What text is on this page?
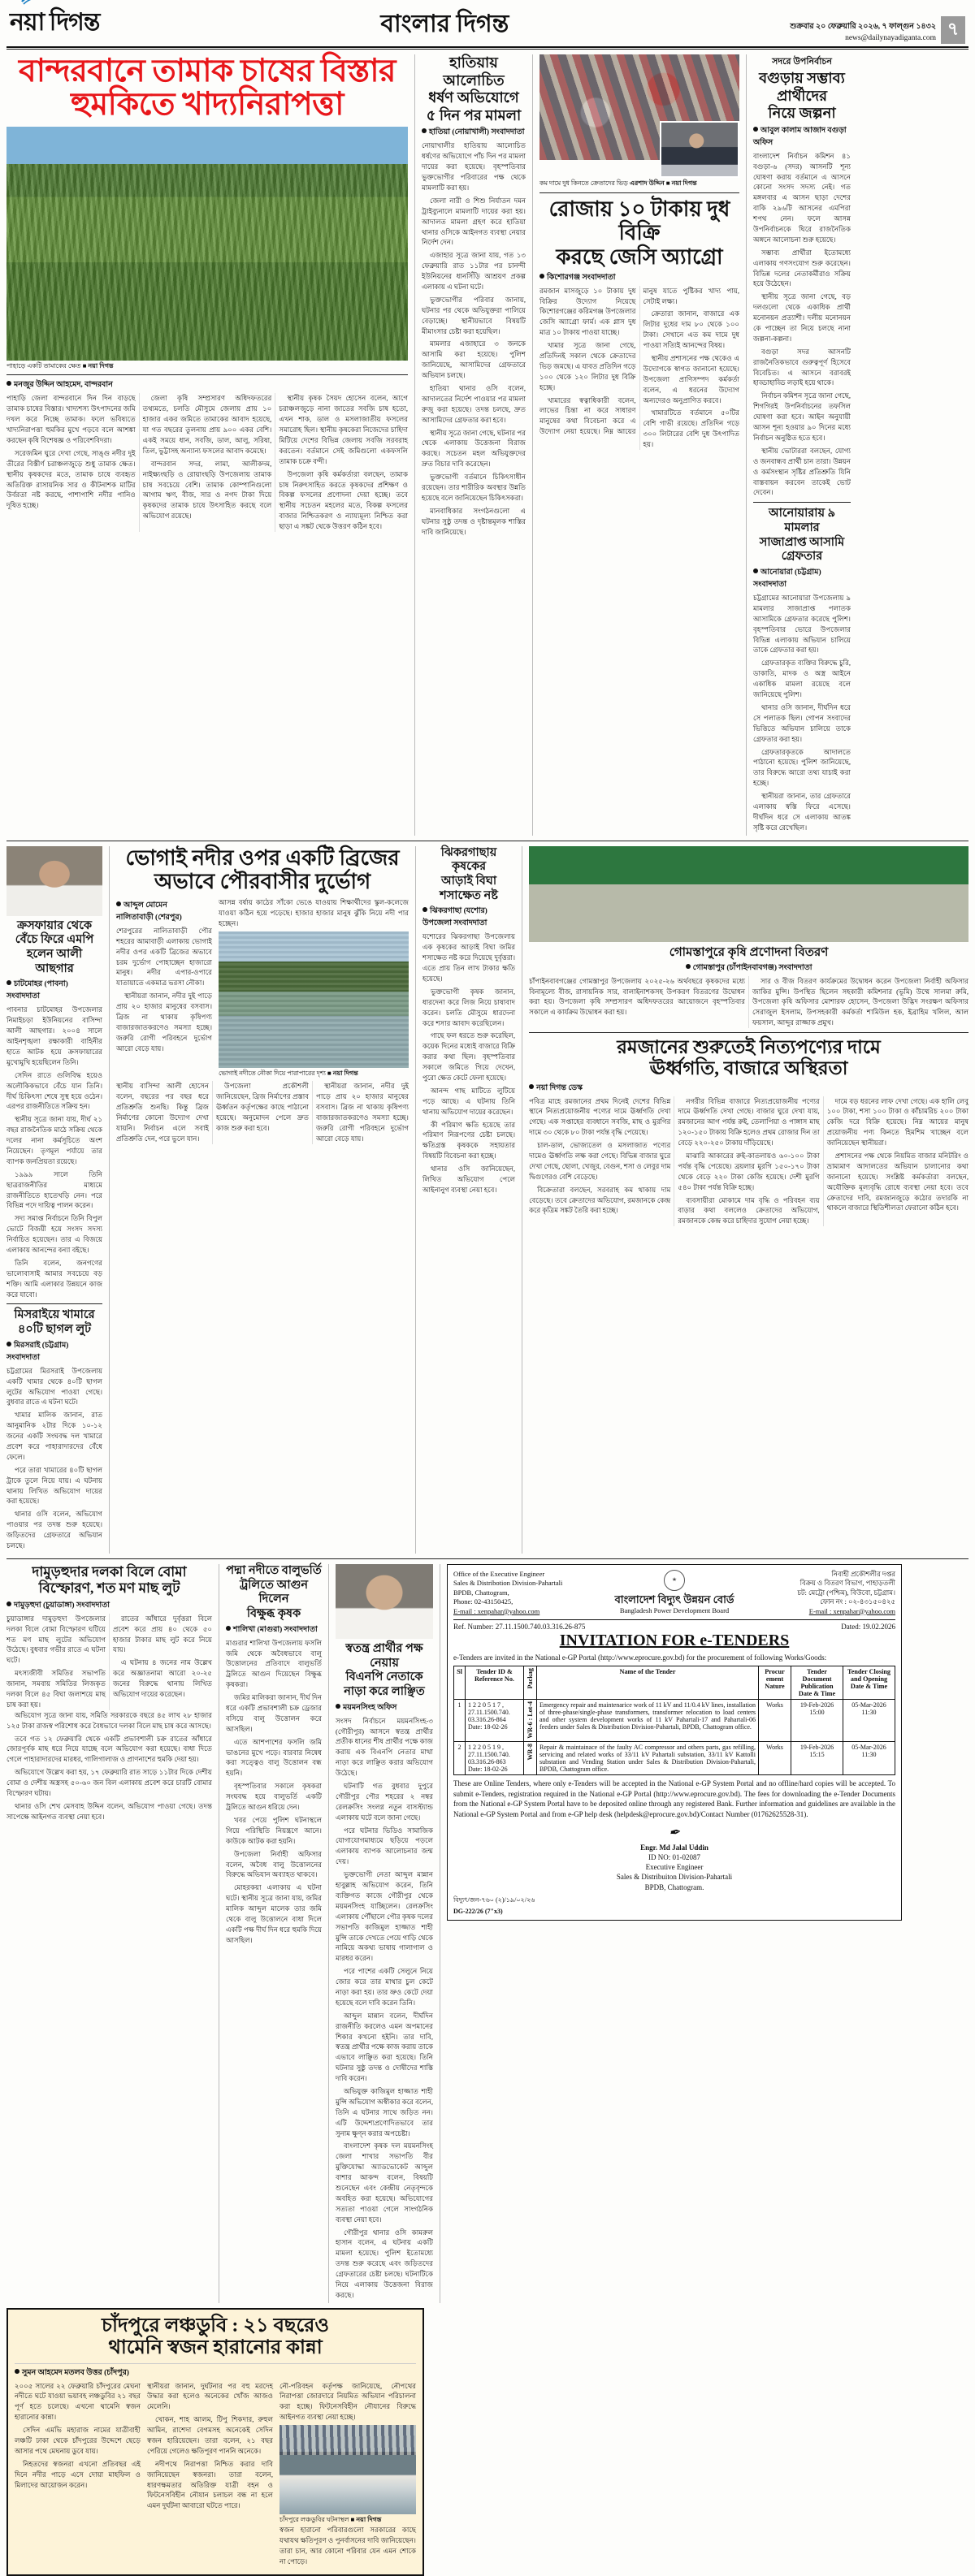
নয়া দিগন্ত	বাংলার দিগন্ত	শুক্রবার ২০ ফেব্রুয়ারি ২০২৬, ৭ ফাল্গুন ১৪৩২
news@dailynayadiganta.com ৭
বান্দরবানে তামাক চাষের বিস্তার
হুমকিতে খাদ্যনিরাপত্তা
পাহাড়ে একটি তামাকের ক্ষেত ■ নয়া দিগন্ত
মনজুর উদ্দিন আহমেদ, বান্দরবান

পাহাড়ি জেলা বান্দরবানে দিন দিন বাড়ছে তামাক চাষের বিস্তার। খাদ্যশস্য উৎপাদনের জমি দখল করে নিচ্ছে তামাক। ফলে ভবিষ্যতে খাদ্যনিরাপত্তা হুমকির মুখে পড়বে বলে আশঙ্কা করছেন কৃষি বিশেষজ্ঞ ও পরিবেশবিদরা।

সরেজমিন ঘুরে দেখা গেছে, সাঙ্গু নদীর দুই তীরের বিস্তীর্ণ চরাঞ্চলজুড়ে শুধু তামাক ক্ষেত। স্থানীয় কৃষকদের মতে, তামাক চাষে ব্যবহৃত অতিরিক্ত রাসায়নিক সার ও কীটনাশক মাটির উর্বরতা নষ্ট করছে, পাশাপাশি নদীর পানিও দূষিত হচ্ছে।

জেলা কৃষি সম্প্রসারণ অধিদফতরের তথ্যমতে, চলতি মৌসুমে জেলায় প্রায় ১০ হাজার একর জমিতে তামাকের আবাদ হয়েছে, যা গত বছরের তুলনায় প্রায় ৯০০ একর বেশি। একই সময়ে ধান, সবজি, ডাল, আলু, সরিষা, তিল, ভুট্টাসহ অন্যান্য ফসলের আবাদ কমেছে।

বান্দরবান সদর, লামা, আলীকদম, নাইক্ষ্যংছড়ি ও রোয়াংছড়ি উপজেলায় তামাক চাষ সবচেয়ে বেশি। তামাক কোম্পানিগুলো আগাম ঋণ, বীজ, সার ও নগদ টাকা দিয়ে কৃষকদের তামাক চাষে উৎসাহিত করছে বলে অভিযোগ রয়েছে।

স্থানীয় কৃষক সৈয়দ হোসেন বলেন, আগে চরাঞ্চলজুড়ে নানা জাতের সবজি চাষ হতো, এখন শাক, ডাল ও মসলাজাতীয় ফসলের সমারোহ ছিল। স্থানীয় কৃষকেরা নিজেদের চাহিদা মিটিয়ে দেশের বিভিন্ন জেলায় সবজি সরবরাহ করতেন। বর্তমানে সেই জমিগুলো একফসলি তামাক চক্রে বন্দী।

উপজেলা কৃষি কর্মকর্তারা বলছেন, তামাক চাষ নিরুৎসাহিত করতে কৃষকদের প্রশিক্ষণ ও বিকল্প ফসলের প্রণোদনা দেয়া হচ্ছে। তবে স্থানীয় সচেতন মহলের মতে, বিকল্প ফসলের বাজার নিশ্চিতকরণ ও ন্যায্যমূল্য নিশ্চিত করা ছাড়া এ সঙ্কট থেকে উত্তরণ কঠিন হবে।

হাতিয়ায় আলোচিত
ধর্ষণ অভিযোগে
৫ দিন পর মামলা
হাতিয়া (নোয়াখালী) সংবাদদাতা

নোয়াখালীর হাতিয়ায় আলোচিত ধর্ষণের অভিযোগে পাঁচ দিন পর মামলা দায়ের করা হয়েছে। বৃহস্পতিবার ভুক্তভোগীর পরিবারের পক্ষ থেকে মামলাটি করা হয়।

জেলা নারী ও শিশু নির্যাতন দমন ট্রাইব্যুনালে মামলাটি দায়ের করা হয়। আদালত মামলা গ্রহণ করে হাতিয়া থানার ওসিকে আইনগত ব্যবস্থা নেয়ার নির্দেশ দেন।

এজাহার সূত্রে জানা যায়, গত ১৩ ফেব্রুয়ারি রাত ১১টার পর চানন্দী ইউনিয়নের ধানসিঁড়ি আশ্রয়ণ প্রকল্প এলাকায় এ ঘটনা ঘটে।

ভুক্তভোগীর পরিবার জানায়, ঘটনার পর থেকে অভিযুক্তরা পালিয়ে বেড়াচ্ছে। স্থানীয়ভাবে বিষয়টি মীমাংসার চেষ্টা করা হয়েছিল।

মামলার এজাহারে ৩ জনকে আসামি করা হয়েছে। পুলিশ জানিয়েছে, আসামিদের গ্রেফতারে অভিযান চলছে।

হাতিয়া থানার ওসি বলেন, আদালতের নির্দেশ পাওয়ার পর মামলা রুজু করা হয়েছে। তদন্ত চলছে, দ্রুত আসামিদের গ্রেফতার করা হবে।

স্থানীয় সূত্রে জানা গেছে, ঘটনার পর থেকে এলাকায় উত্তেজনা বিরাজ করছে। সচেতন মহল অভিযুক্তদের দ্রুত বিচার দাবি করেছেন।

ভুক্তভোগী বর্তমানে চিকিৎসাধীন রয়েছেন। তার শারীরিক অবস্থার উন্নতি হয়েছে বলে জানিয়েছেন চিকিৎসকরা।

মানবাধিকার সংগঠনগুলো এ ঘটনার সুষ্ঠু তদন্ত ও দৃষ্টান্তমূলক শাস্তির দাবি জানিয়েছে।

কম দামে দুধ কিনতে ক্রেতাদের ভিড় এরশাদ উদ্দিন ■ নয়া দিগন্ত
রোজায় ১০ টাকায় দুধ বিক্রি
করছে জেসি অ্যাগ্রো
কিশোরগঞ্জ সংবাদদাতা

রমজান মাসজুড়ে ১০ টাকায় দুধ বিক্রির উদ্যোগ নিয়েছে কিশোরগঞ্জের করিমগঞ্জ উপজেলার জেসি অ্যাগ্রো ফার্ম। এক গ্লাস দুধ মাত্র ১০ টাকায় পাওয়া যাচ্ছে।

খামার সূত্রে জানা গেছে, প্রতিদিনই সকাল থেকে ক্রেতাদের ভিড় জমছে। এ যাবত প্রতিদিন গড়ে ১০০ থেকে ১২০ লিটার দুধ বিক্রি হচ্ছে।

খামারের স্বত্বাধিকারী বলেন, লাভের চিন্তা না করে সাধারণ মানুষের কথা বিবেচনা করে এ উদ্যোগ নেয়া হয়েছে। নিম্ন আয়ের মানুষ যাতে পুষ্টিকর খাদ্য পায়, সেটাই লক্ষ্য।

ক্রেতারা জানান, বাজারে এক লিটার দুধের দাম ৮০ থেকে ১০০ টাকা। সেখানে এত কম দামে দুধ পাওয়া সত্যিই আনন্দের বিষয়।

স্থানীয় প্রশাসনের পক্ষ থেকেও এ উদ্যোগকে স্বাগত জানানো হয়েছে। উপজেলা প্রাণিসম্পদ কর্মকর্তা বলেন, এ ধরনের উদ্যোগ অন্যদেরও অনুপ্রাণিত করবে।

খামারটিতে বর্তমানে ৫০টির বেশি গাভী রয়েছে। প্রতিদিন গড়ে ৩০০ লিটারের বেশি দুধ উৎপাদিত হয়।

সদরে উপনির্বাচন
বগুড়ায় সম্ভাব্য
প্রার্থীদের
নিয়ে জল্পনা
আবুল কালাম আজাদ বগুড়া অফিস

বাংলাদেশ নির্বাচন কমিশন ৪১ বগুড়া-৬ (সদর) আসনটি শূন্য ঘোষণা করায় বর্তমানে এ আসনে কোনো সংসদ সদস্য নেই। গত মঙ্গলবার এ আসন ছাড়া দেশের বাকি ২৯৬টি আসনের এমপিরা শপথ নেন। ফলে আসন্ন উপনির্বাচনকে ঘিরে রাজনৈতিক অঙ্গনে আলোচনা শুরু হয়েছে।

সম্ভাব্য প্রার্থীরা ইতোমধ্যে এলাকায় গণসংযোগ শুরু করেছেন। বিভিন্ন দলের নেতাকর্মীরাও সক্রিয় হয়ে উঠেছেন।

স্থানীয় সূত্রে জানা গেছে, বড় দলগুলো থেকে একাধিক প্রার্থী মনোনয়ন প্রত্যাশী। দলীয় মনোনয়ন কে পাচ্ছেন তা নিয়ে চলছে নানা জল্পনা-কল্পনা।

বগুড়া সদর আসনটি রাজনৈতিকভাবে গুরুত্বপূর্ণ হিসেবে বিবেচিত। এ আসনে বরাবরই হাড্ডাহাড্ডি লড়াই হয়ে থাকে।

নির্বাচন কমিশন সূত্রে জানা গেছে, শিগগিরই উপনির্বাচনের তফসিল ঘোষণা করা হবে। আইন অনুযায়ী আসন শূন্য হওয়ার ৯০ দিনের মধ্যে নির্বাচন অনুষ্ঠিত হতে হবে।

স্থানীয় ভোটাররা বলছেন, যোগ্য ও জনবান্ধব প্রার্থী চান তারা। উন্নয়ন ও কর্মসংস্থান সৃষ্টির প্রতিশ্রুতি যিনি বাস্তবায়ন করবেন তাকেই ভোট দেবেন।

আনোয়ারায় ৯ মামলার
সাজাপ্রাপ্ত আসামি গ্রেফতার
আনোয়ারা (চট্টগ্রাম) সংবাদদাতা

চট্টগ্রামের আনোয়ারা উপজেলায় ৯ মামলার সাজাপ্রাপ্ত পলাতক আসামিকে গ্রেফতার করেছে পুলিশ। বৃহস্পতিবার ভোরে উপজেলার বিভিন্ন এলাকায় অভিযান চালিয়ে তাকে গ্রেফতার করা হয়।

গ্রেফতারকৃত ব্যক্তির বিরুদ্ধে চুরি, ডাকাতি, মাদক ও অস্ত্র আইনে একাধিক মামলা রয়েছে বলে জানিয়েছে পুলিশ।

থানার ওসি জানান, দীর্ঘদিন ধরে সে পলাতক ছিল। গোপন সংবাদের ভিত্তিতে অভিযান চালিয়ে তাকে গ্রেফতার করা হয়।

গ্রেফতারকৃতকে আদালতে পাঠানো হয়েছে। পুলিশ জানিয়েছে, তার বিরুদ্ধে আরো তথ্য যাচাই করা হচ্ছে।

স্থানীয়রা জানান, তার গ্রেফতারে এলাকায় স্বস্তি ফিরে এসেছে। দীর্ঘদিন ধরে সে এলাকায় আতঙ্ক সৃষ্টি করে রেখেছিল।

ক্রসফায়ার থেকে
বেঁচে ফিরে এমপি
হলেন আলী আছগার
চাটমোহর (পাবনা) সংবাদদাতা

পাবনার চাটমোহর উপজেলার নিমাইচড়া ইউনিয়নের বাসিন্দা আলী আছগার। ২০০৪ সালে আইনশৃঙ্খলা রক্ষাকারী বাহিনীর হাতে আটক হয়ে ক্রসফায়ারের মুখোমুখি হয়েছিলেন তিনি।

সেদিন রাতে গুলিবিদ্ধ হয়েও অলৌকিকভাবে বেঁচে যান তিনি। দীর্ঘ চিকিৎসা শেষে সুস্থ হয়ে ওঠেন। এরপর রাজনীতিতে সক্রিয় হন।

স্থানীয় সূত্রে জানা যায়, দীর্ঘ ২১ বছর রাজনৈতিক মাঠে সক্রিয় থেকে দলের নানা কর্মসূচিতে অংশ নিয়েছেন। তৃণমূল পর্যায়ে তার ব্যাপক জনপ্রিয়তা রয়েছে।

১৯৯৯ সালে তিনি ছাত্ররাজনীতির মাধ্যমে রাজনীতিতে হাতেখড়ি নেন। পরে বিভিন্ন পদে দায়িত্ব পালন করেন।

সদ্য সমাপ্ত নির্বাচনে তিনি বিপুল ভোটে বিজয়ী হয়ে সংসদ সদস্য নির্বাচিত হয়েছেন। তার এ বিজয়ে এলাকায় আনন্দের বন্যা বইছে।

তিনি বলেন, জনগণের ভালোবাসাই আমার সবচেয়ে বড় শক্তি। আমি এলাকার উন্নয়নে কাজ করে যাবো।

মিসরাইয়ে খামারে
৪০টি ছাগল লুট
মিরসরাই (চট্টগ্রাম) সংবাদদাতা

চট্টগ্রামের মিরসরাই উপজেলায় একটি খামার থেকে ৪০টি ছাগল লুটের অভিযোগ পাওয়া গেছে। বুধবার রাতে এ ঘটনা ঘটে।

খামার মালিক জানান, রাত আনুমানিক ২টার দিকে ১০-১২ জনের একটি সংঘবদ্ধ দল খামারে প্রবেশ করে পাহারাদারদের বেঁধে ফেলে।

পরে তারা খামারের ৪০টি ছাগল ট্রাকে তুলে নিয়ে যায়। এ ঘটনায় থানায় লিখিত অভিযোগ দায়ের করা হয়েছে।

থানার ওসি বলেন, অভিযোগ পাওয়ার পর তদন্ত শুরু হয়েছে। জড়িতদের গ্রেফতারে অভিযান চলছে।

ভোগাই নদীর ওপর একটি ব্রিজের
অভাবে পৌরবাসীর দুর্ভোগ
আব্দুল মোমেন
নালিতাবাড়ী (শেরপুর)

শেরপুরের নালিতাবাড়ী পৌর শহরের আমাবাড়ী এলাকায় ভোগাই নদীর ওপর একটি ব্রিজের অভাবে চরম দুর্ভোগ পোহাচ্ছেন হাজারো মানুষ। নদীর এপার-ওপারে যাতায়াতে একমাত্র ভরসা নৌকা।

স্থানীয়রা জানান, নদীর দুই পাড়ে প্রায় ২০ হাজার মানুষের বসবাস। ব্রিজ না থাকায় কৃষিপণ্য বাজারজাতকরণেও সমস্যা হচ্ছে। জরুরি রোগী পরিবহনে দুর্ভোগ আরো বেড়ে যায়।

আসন্ন বর্ষায় কাঠের সাঁকো ভেঙে যাওয়ায় শিক্ষার্থীদের স্কুল-কলেজে যাওয়া কঠিন হয়ে পড়েছে। হাজার হাজার মানুষ ঝুঁকি নিয়ে নদী পার হচ্ছেন।

ভোগাই নদীতে নৌকা দিয়ে পারাপারের দৃশ্য ■ নয়া দিগন্ত

স্থানীয় বাসিন্দা আলী হোসেন বলেন, বছরের পর বছর ধরে প্রতিশ্রুতি শুনছি। কিন্তু ব্রিজ নির্মাণের কোনো উদ্যোগ দেখা যায়নি। নির্বাচন এলে সবাই প্রতিশ্রুতি দেন, পরে ভুলে যান।

উপজেলা প্রকৌশলী জানিয়েছেন, ব্রিজ নির্মাণের প্রস্তাব ঊর্ধ্বতন কর্তৃপক্ষের কাছে পাঠানো হয়েছে। অনুমোদন পেলে দ্রুত কাজ শুরু করা হবে।

স্থানীয়রা জানান, নদীর দুই পাড়ে প্রায় ২০ হাজার মানুষের বসবাস। ব্রিজ না থাকায় কৃষিপণ্য বাজারজাতকরণেও সমস্যা হচ্ছে। জরুরি রোগী পরিবহনে দুর্ভোগ আরো বেড়ে যায়।

ঝিকরগাছায় কৃষকের
আড়াই বিঘা
শসাক্ষেত নষ্ট
ঝিকরগাছা (যশোর) উপজেলা সংবাদদাতা

যশোরের ঝিকরগাছা উপজেলায় এক কৃষকের আড়াই বিঘা জমির শসাক্ষেত নষ্ট করে দিয়েছে দুর্বৃত্তরা। এতে প্রায় তিন লাখ টাকার ক্ষতি হয়েছে।

ভুক্তভোগী কৃষক জানান, ধারদেনা করে লিজ নিয়ে চাষাবাদ করেন। চলতি মৌসুমে ধারদেনা করে শসার আবাদ করেছিলেন।

গাছে ফল ধরতে শুরু করেছিল, কয়েক দিনের মধ্যেই বাজারে বিক্রি করার কথা ছিল। বৃহস্পতিবার সকালে জমিতে গিয়ে দেখেন, পুরো ক্ষেত কেটে ফেলা হয়েছে।

আনন্দ গাছ মাটিতে লুটিয়ে পড়ে আছে। এ ঘটনায় তিনি থানায় অভিযোগ দায়ের করেছেন।

কী পরিমাণ ক্ষতি হয়েছে তার পরিমাণ নিরূপণের চেষ্টা চলছে। ক্ষতিগ্রস্ত কৃষককে সহায়তার বিষয়টি বিবেচনা করা হচ্ছে।

থানার ওসি জানিয়েছেন, লিখিত অভিযোগ পেলে আইনানুগ ব্যবস্থা নেয়া হবে।

গোমস্তাপুরে কৃষি প্রণোদনা বিতরণ
গোমস্তাপুর (চাঁপাইনবাবগঞ্জ) সংবাদদাতা

চাঁপাইনবাবগঞ্জের গোমস্তাপুর উপজেলায় ২০২৫-২৬ অর্থবছরে কৃষকদের মধ্যে বিনামূল্যে বীজ, রাসায়নিক সার, বালাইনাশকসহ উপকরণ বিতরণের উদ্বোধন করা হয়। উপজেলা কৃষি সম্প্রসারণ অধিদফতরের আয়োজনে বৃহস্পতিবার সকালে এ কার্যক্রম উদ্বোধন করা হয়।

সার ও বীজ বিতরণ কার্যক্রমের উদ্বোধন করেন উপজেলা নির্বাহী অফিসার জাকির মুন্সি। উপস্থিত ছিলেন সহকারী কমিশনার (ভূমি) উম্মে সালমা রুমি, উপজেলা কৃষি অফিসার মোশারফ হোসেন, উপজেলা উদ্ভিদ সংরক্ষণ অফিসার সেরাজুল ইসলাম, উপসহকারী কর্মকর্তা শামিউল হক, ইব্রাহিম খলিল, আল ফয়সাল, আব্দুর রাজ্জাক প্রমুখ।

রমজানের শুরুতেই নিত্যপণ্যের দামে
ঊর্ধ্বগতি, বাজারে অস্থিরতা
নয়া দিগন্ত ডেস্ক

পবিত্র মাহে রমজানের প্রথম দিনেই দেশের বিভিন্ন স্থানে নিত্যপ্রয়োজনীয় পণ্যের দামে ঊর্ধ্বগতি দেখা গেছে। এক সপ্তাহের ব্যবধানে সবজি, মাছ ও মুরগির দামে ৩০ থেকে ৮০ টাকা পর্যন্ত বৃদ্ধি পেয়েছে।

চাল-ডাল, ভোজ্যতেল ও মসলাজাত পণ্যের দামেও ঊর্ধ্বগতি লক্ষ করা গেছে। বিভিন্ন বাজার ঘুরে দেখা গেছে, ছোলা, খেজুর, বেগুন, শসা ও লেবুর দাম দ্বিগুণেরও বেশি বেড়েছে।

বিক্রেতারা বলছেন, সরবরাহ কম থাকায় দাম বেড়েছে। তবে ক্রেতাদের অভিযোগ, রমজানকে কেন্দ্র করে কৃত্রিম সঙ্কট তৈরি করা হচ্ছে।

নগরীর বিভিন্ন বাজারে নিত্যপ্রয়োজনীয় পণ্যের দামে ঊর্ধ্বগতি দেখা গেছে। বাজার ঘুরে দেখা যায়, রমজানের আগ পর্যন্ত রুই, তেলাপিয়া ও পাঙ্গাস মাছ ১২০-১৫০ টাকায় বিক্রি হলেও প্রথম রোজার দিন তা বেড়ে ২২০-২৫০ টাকায় দাঁড়িয়েছে।

মাঝারি আকারের রুই-কাতলায়ও ৬০-১০০ টাকা পর্যন্ত বৃদ্ধি পেয়েছে। ব্রয়লার মুরগি ১৫০-১৭০ টাকা থেকে বেড়ে ২২০ টাকা কেজি হয়েছে। দেশী মুরগি ৫৪০ টাকা পর্যন্ত বিক্রি হচ্ছে।

ব্যবসায়ীরা মোকামে দাম বৃদ্ধি ও পরিবহন ব্যয় বাড়ার কথা বললেও ক্রেতাদের অভিযোগ, রমজানকে কেন্দ্র করে চাহিদার সুযোগ নেয়া হচ্ছে।

দামে বড় ধরনের লাফ দেখা গেছে। এক হালি লেবু ১০০ টাকা, শসা ১০০ টাকা ও কাঁচামরিচ ২০০ টাকা কেজি দরে বিক্রি হয়েছে। নিম্ন আয়ের মানুষ প্রয়োজনীয় পণ্য কিনতে হিমশিম খাচ্ছেন বলে জানিয়েছেন স্থানীয়রা।

প্রশাসনের পক্ষ থেকে নিয়মিত বাজার মনিটরিং ও ভ্রাম্যমাণ আদালতের অভিযান চালানোর কথা জানানো হয়েছে। সংশ্লিষ্ট কর্মকর্তারা বলছেন, অযৌক্তিক মূল্যবৃদ্ধি রোধে ব্যবস্থা নেয়া হবে। তবে ক্রেতাদের দাবি, রমজানজুড়ে কঠোর তদারকি না থাকলে বাজারে স্থিতিশীলতা ফেরানো কঠিন হবে।

দামুড়হুদার দলকা বিলে বোমা
বিস্ফোরণ, শত মণ মাছ লুট
দামুড়হুদা (চুয়াডাঙ্গা) সংবাদদাতা

চুয়াডাঙ্গার দামুড়হুদা উপজেলার দলকা বিলে বোমা বিস্ফোরণ ঘটিয়ে শত মণ মাছ লুটের অভিযোগ উঠেছে। বুধবার গভীর রাতে এ ঘটনা ঘটে।

মৎস্যজীবী সমিতির সভাপতি জানান, সমবায় সমিতির লিজকৃত দলকা বিলে ৪৫ বিঘা জলাশয়ে মাছ চাষ করা হয়।

রাতের আঁধারে দুর্বৃত্তরা বিলে প্রবেশ করে প্রায় ৪০ থেকে ৫০ হাজার টাকার মাছ লুট করে নিয়ে যায়।

এ ঘটনায় ৪ জনের নাম উল্লেখ করে অজ্ঞাতনামা আরো ২০-২৫ জনের বিরুদ্ধে থানায় লিখিত অভিযোগ দায়ের করেছেন।

অভিযোগ সূত্রে জানা যায়, সমিতি সরকারকে বছরে ৪৫ লাখ ২৮ হাজার ১২৫ টাকা রাজস্ব পরিশোধ করে বৈধভাবে দলকা বিলে মাছ চাষ করে আসছে।

তবে গত ১২ ফেব্রুয়ারি থেকে একটি প্রভাবশালী চক্র রাতের আঁধারে জোরপূর্বক মাছ ধরে নিয়ে যাচ্ছে বলে অভিযোগ করা হয়েছে। বাধা দিতে গেলে পাহারাদারদের মারধর, গালিগালাজ ও প্রাণনাশের হুমকি দেয়া হয়।

অভিযোগে উল্লেখ করা হয়, ১৭ ফেব্রুয়ারি রাত সাড়ে ১১টার দিকে দেশীয় বোমা ও দেশীয় অস্ত্রসহ ৫০-৬০ জন বিল এলাকায় প্রবেশ করে চারটি বোমার বিস্ফোরণ ঘটায়।

থানার ওসি শেখ মেসবাহ উদ্দিন বলেন, অভিযোগ পাওয়া গেছে। তদন্ত সাপেক্ষে আইনগত ব্যবস্থা নেয়া হবে।

পদ্মা নদীতে বালুভর্তি
ট্রলিতে আগুন দিলেন
বিক্ষুব্ধ কৃষক
শালিখা (মাগুরা) সংবাদদাতা

মাগুরার শালিখা উপজেলায় ফসলি জমি থেকে অবৈধভাবে বালু উত্তোলনের প্রতিবাদে বালুভর্তি ট্রলিতে আগুন দিয়েছেন বিক্ষুব্ধ কৃষকরা।

জমির মালিকরা জানান, দীর্ঘ দিন ধরে একটি প্রভাবশালী চক্র ড্রেজার বসিয়ে বালু উত্তোলন করে আসছিল।

এতে আশপাশের ফসলি জমি ভাঙনের মুখে পড়ে। বারবার নিষেধ করা সত্ত্বেও বালু উত্তোলন বন্ধ হয়নি।

বৃহস্পতিবার সকালে কৃষকরা সংঘবদ্ধ হয়ে বালুভর্তি একটি ট্রলিতে আগুন ধরিয়ে দেন।

খবর পেয়ে পুলিশ ঘটনাস্থলে গিয়ে পরিস্থিতি নিয়ন্ত্রণে আনে। কাউকে আটক করা হয়নি।

উপজেলা নির্বাহী অফিসার বলেন, অবৈধ বালু উত্তোলনের বিরুদ্ধে অভিযান অব্যাহত থাকবে।

মোহরকয়া এলাকায় এ ঘটনা ঘটে। স্থানীয় সূত্রে জানা যায়, জমির মালিক আব্দুল মালেক তার জমি থেকে বালু উত্তোলনে বাধা দিলে একটি পক্ষ দীর্ঘ দিন ধরে হুমকি দিয়ে আসছিল।

স্বতন্ত্র প্রার্থীর পক্ষ নেয়ায়
বিএনপি নেতাকে
নাড়া করে লাঞ্ছিত
ময়মনসিংহ অফিস

সংসদ নির্বাচনে ময়মনসিংহ-৩ (গৌরীপুর) আসনে স্বতন্ত্র প্রার্থীর প্রতীক ধানের শীষ প্রার্থীর পক্ষে কাজ করায় এক বিএনপি নেতার মাথা নাড়া করে লাঞ্ছিত করার অভিযোগ উঠেছে।

ঘটনাটি গত বুধবার দুপুরে গৌরীপুর পৌর শহরের ২ নম্বর রেলক্রসিং সংলগ্ন নতুন বাসস্ট্যান্ড এলাকায় ঘটে বলে জানা গেছে।

পরে ঘটনার ভিডিও সামাজিক যোগাযোগমাধ্যমে ছড়িয়ে পড়লে এলাকায় ব্যাপক আলোচনার জন্ম দেয়।

ভুক্তভোগী নেতা আব্দুল মান্নান হাবুল্লাহ অভিযোগ করেন, তিনি ব্যক্তিগত কাজে গৌরীপুর থেকে ময়মনসিংহ যাচ্ছিলেন। রেলক্রসিং এলাকায় পৌঁছালে পৌর কৃষক দলের সভাপতি কাজিমুল হাজ্জাত শাহী মুন্সি তাকে দেখতে পেয়ে গাড়ি থেকে নামিয়ে অকথ্য ভাষায় গালাগাল ও মারধর করেন।

পরে পাশের একটি সেলুনে নিয়ে জোর করে তার মাথার চুল কেটে নাড়া করা হয়। তার ভ্রুও কেটে দেয়া হয়েছে বলে দাবি করেন তিনি।

আব্দুল মান্নান বলেন, দীর্ঘদিন রাজনীতি করলেও এমন অপমানের শিকার কখনো হইনি। তার দাবি, স্বতন্ত্র প্রার্থীর পক্ষে কাজ করায় তাকে এভাবে লাঞ্ছিত করা হয়েছে। তিনি ঘটনার সুষ্ঠু তদন্ত ও দোষীদের শাস্তি দাবি করেন।

অভিযুক্ত কাজিমুল হাজ্জাত শাহী মুন্সি অভিযোগ অস্বীকার করে বলেন, তিনি এ ঘটনার সাথে জড়িত নন। এটি উদ্দেশ্যপ্রণোদিতভাবে তার সুনাম ক্ষুণ্ন করার অপচেষ্টা।

বাংলাদেশ কৃষক দল ময়মনসিংহ জেলা শাখার সভাপতি বীর মুক্তিযোদ্ধা অ্যাডভোকেট আব্দুল বাশার আকন্দ বলেন, বিষয়টি শুনেছেন এবং কেন্দ্রীয় নেতৃবৃন্দকে অবহিত করা হয়েছে। অভিযোগের সত্যতা পাওয়া গেলে সাংগঠনিক ব্যবস্থা নেয়া হবে।

গৌরীপুর থানার ওসি কামরুল হাসান বলেন, এ ঘটনায় একটি মামলা হয়েছে। পুলিশ ইতোমধ্যে তদন্ত শুরু করেছে এবং জড়িতদের গ্রেফতারের চেষ্টা চলছে। ঘটনাটিকে নিয়ে এলাকায় উত্তেজনা বিরাজ করছে।

Office of the Executive Engineer
Sales & Distribotion Division-Pahartali
BPDB, Chattogram,
Phone: 02-43150425,
E-mail : xenpahar@yahoo.com
★
বাংলাদেশ বিদ্যুৎ উন্নয়ন বোর্ড
Bangladesh Power Development Board
নিবাহী প্রকৌশলীর দপ্তর
বিক্রয় ও বিতরণ বিভাগ, পাহাড়তলী
চট: মেট্রো (পশ্চিম), বিউবো, চট্টগ্রাম।
ফোন নং : ০২-৪৩১৫০৪২৫
E-mail : xenpahar@yahoo.com
Ref. Number: 27.11.1500.740.03.316.26-875	Dated: 19.02.2026
INVITATION FOR e-TENDERS
e-Tenders are invited in the National e-GP Portal (http://www.eprocure.gov.bd) for the procurement of following Works/Goods:
Sl	Tender ID & Reference No.	Packag	Name of the Tender	Procur ement Nature	Tender Document Publication Date & Time	Tender Closing and Opening Date & Time
1	1 2 2 0 5 1 7 , 27.11.1500.740. 03.316.26-864 Date: 18-02-26	WR-6 : Lot-4	Emergency repair and maintenarice work of 11 kV and 11/0.4 kV lines, installation of three-phase/single-phase transformers, transformer relocation to load centers and other system development works of 11 kV Pahartali-17 and Pahartali-06 feeders under Sales & Distribution Division-Pahartali, BPDB, Chattogram office.	Works	19-Feb-2026 15:00	05-Mar-2026 11:30
2	1 2 2 0 5 1 9 , 27.11.1500.740. 03.316.26-863 Date: 18-02-26	WR-8	Repair & maintainace of the faulty AC compressor and others parts, gas refilling, servicing and related works of 33/11 kV Pahartali substation, 33/11 kV Kattolli substation and Vending Station under Sales & Distribution Division-Pahartali, BPDB, Chattogram office.	Works	19-Feb-2026 15:15	05-Mar-2026 11:30
These are Online Tenders, where only e-Tenders will be accepted in the National e-GP System Portal and no offline/hard copies will be accepted. To submit e-Tenders, registration required in the National e-GP Portal (http://www.eprocure.gov.bd). The fees for downloading the e-Tender Documents from the National e-GP System Portal have to be deposited online through any registered Bank. Further information and guidelines are available in the National e-GP System Portal and from e-GP help desk (helpdesk@eprocure.gov.bd)/Contact Number (01762625528-31).
✒︎
Engr. Md Jalal Uddin
ID NO: 01-02087
Executive Engineer
Sales & Distribuiton Division-Pahartali
BPDB, Chattogram.
বিদ্যুৎ/জন-৭৬০ (২)/১৯/০২/২৬
DG-222/26 (7"x3)
চাঁদপুরে লঞ্চডুবি : ২১ বছরেও
থামেনি স্বজন হারানোর কান্না
সুমন আহমেদ মতলব উত্তর (চাঁদপুর)

২০০৫ সালের ২২ ফেব্রুয়ারি চাঁদপুরের মেঘনা নদীতে ঘটে যাওয়া ভয়াবহ লঞ্চডুবির ২১ বছর পূর্ণ হতে চলেছে। এখনো থামেনি স্বজন হারানোর কান্না।

সেদিন এমভি মহারাজ নামের যাত্রীবাহী লঞ্চটি ঢাকা থেকে চাঁদপুরের উদ্দেশে ছেড়ে আসার পথে মেঘনায় ডুবে যায়।

নিহতদের স্বজনরা এখনো প্রতিবছর এই দিনে নদীর পাড়ে এসে দোয়া মাহফিল ও মিলাদের আয়োজন করেন।

স্থানীয়রা জানান, দুর্ঘটনার পর বহু মরদেহ উদ্ধার করা হলেও অনেকের খোঁজ আজও মেলেনি।

খোকন, শাহ আলম, টিপু শিকদার, রুহুল আমিন, রাশেদা বেগমসহ অনেকেই সেদিন স্বজন হারিয়েছেন। তারা বলেন, ২১ বছর পেরিয়ে গেলেও ক্ষতিপূরণ পাননি অনেকে।

নদীপথে নিরাপত্তা নিশ্চিত করার দাবি জানিয়েছেন স্বজনরা। তারা বলেন, ধারণক্ষমতার অতিরিক্ত যাত্রী বহন ও ফিটনেসবিহীন নৌযান চলাচল বন্ধ না হলে এমন দুর্ঘটনা আবারো ঘটতে পারে।

নৌ-পরিবহন কর্তৃপক্ষ জানিয়েছে, নৌপথের নিরাপত্তা জোরদারে নিয়মিত অভিযান পরিচালনা করা হচ্ছে। ফিটনেসবিহীন নৌযানের বিরুদ্ধে আইনগত ব্যবস্থা নেয়া হচ্ছে।

চাঁদপুরে লঞ্চডুবির ঘটনাস্থল ■ নয়া দিগন্ত

স্বজন হারানো পরিবারগুলো সরকারের কাছে যথাযথ ক্ষতিপূরণ ও পুনর্বাসনের দাবি জানিয়েছেন। তারা চান, আর কোনো পরিবার যেন এমন শোকে না পোড়ে।
